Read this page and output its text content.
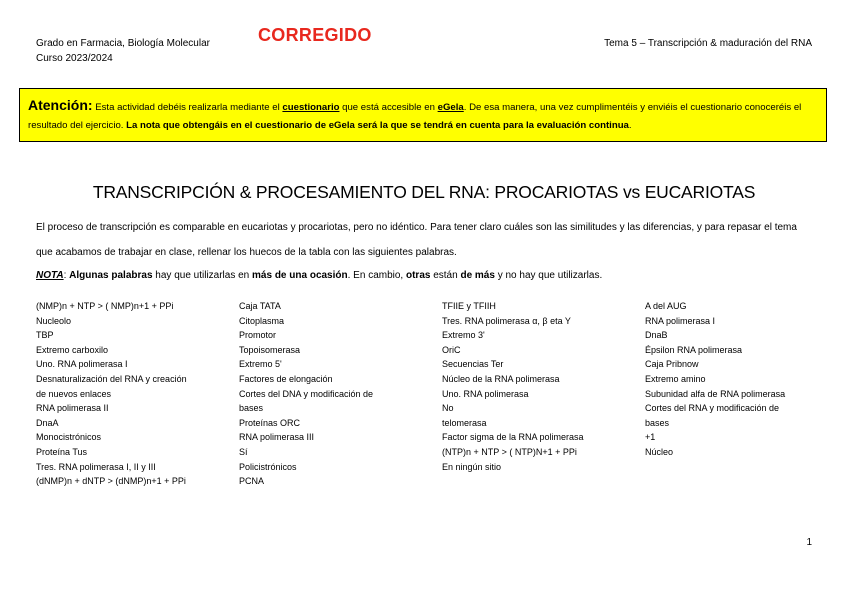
Grado en Farmacia, Biología Molecular
Curso 2023/2024
CORREGIDO	Tema 5 – Transcripción & maduración del RNA
Atención: Esta actividad debéis realizarla mediante el cuestionario que está accesible en eGela. De esa manera, una vez cumplimentéis y enviéis el cuestionario conoceréis el resultado del ejercicio. La nota que obtengáis en el cuestionario de eGela será la que se tendrá en cuenta para la evaluación continua.
TRANSCRIPCIÓN & PROCESAMIENTO DEL RNA: PROCARIOTAS vs EUCARIOTAS
El proceso de transcripción es comparable en eucariotas y procariotas, pero no idéntico. Para tener claro cuáles son las similitudes y las diferencias, y para repasar el tema que acabamos de trabajar en clase, rellenar los huecos de la tabla con las siguientes palabras.
NOTA: Algunas palabras hay que utilizarlas en más de una ocasión. En cambio, otras están de más y no hay que utilizarlas.
(NMP)n + NTP > ( NMP)n+1 + PPi
Nucleolo
TBP
Extremo carboxilo
Uno. RNA polimerasa I
Desnaturalización del RNA y creación
de nuevos enlaces
RNA polimerasa II
DnaA
Monocistrónicos
Proteína Tus
Tres. RNA polimerasa I, II y III
(dNMP)n + dNTP > (dNMP)n+1 + PPi
Caja TATA
Citoplasma
Promotor
Topoisomerasa
Extremo 5'
Factores de elongación
Cortes del DNA y modificación de
bases
Proteínas ORC
RNA polimerasa III
Sí
Policistrónicos
PCNA
TFIIE y TFIIH
Tres. RNA polimerasa α, β eta Y
Extremo 3'
OriC
Secuencias Ter
Núcleo de la RNA polimerasa
Uno. RNA polimerasa
No
telomerasa
Factor sigma de la RNA polimerasa
(NTP)n + NTP > ( NTP)N+1 + PPi
En ningún sitio
A del AUG
RNA polimerasa I
DnaB
Épsilon RNA polimerasa
Caja Pribnow
Extremo amino
Subunidad alfa de RNA polimerasa
Cortes del RNA y modificación de
bases
+1
Núcleo
1
